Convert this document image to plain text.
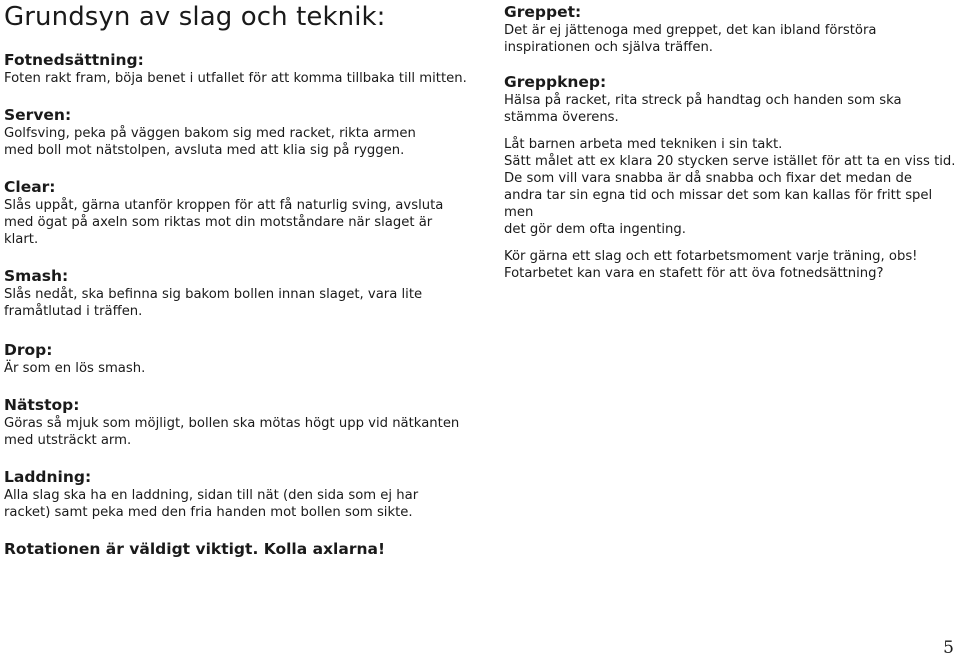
Grundsyn av slag och teknik:
Fotnedsättning:
Foten rakt fram, böja benet i utfallet för att komma tillbaka till mitten.
Serven:
Golfsving, peka på väggen bakom sig med racket, rikta armen
med boll mot nätstolpen, avsluta med att klia sig på ryggen.
Clear:
Slås uppåt, gärna utanför kroppen för att få naturlig sving, avsluta
med ögat på axeln som riktas mot din motståndare när slaget är
klart.
Smash:
Slås nedåt, ska befinna sig bakom bollen innan slaget, vara lite
framåtlutad i träffen.
Drop:
Är som en lös smash.
Nätstop:
Göras så mjuk som möjligt, bollen ska mötas högt upp vid nätkanten
med utsträckt arm.
Laddning:
Alla slag ska ha en laddning, sidan till nät (den sida som ej har
racket) samt peka med den fria handen mot bollen som sikte.
Rotationen är väldigt viktigt. Kolla axlarna!
Greppet:
Det är ej jättenoga med greppet, det kan ibland förstöra
inspirationen och själva träffen.
Greppknep:
Hälsa på racket, rita streck på handtag och handen som ska
stämma överens.
Låt barnen arbeta med tekniken i sin takt.
Sätt målet att ex klara 20 stycken serve istället för att ta en viss tid.
De som vill vara snabba är då snabba och fixar det medan de
andra tar sin egna tid och missar det som kan kallas för fritt spel men
det gör dem ofta ingenting.
Kör gärna ett slag och ett fotarbetsmoment varje träning, obs!
Fotarbetet kan vara en stafett för att öva fotnedsättning?
5
